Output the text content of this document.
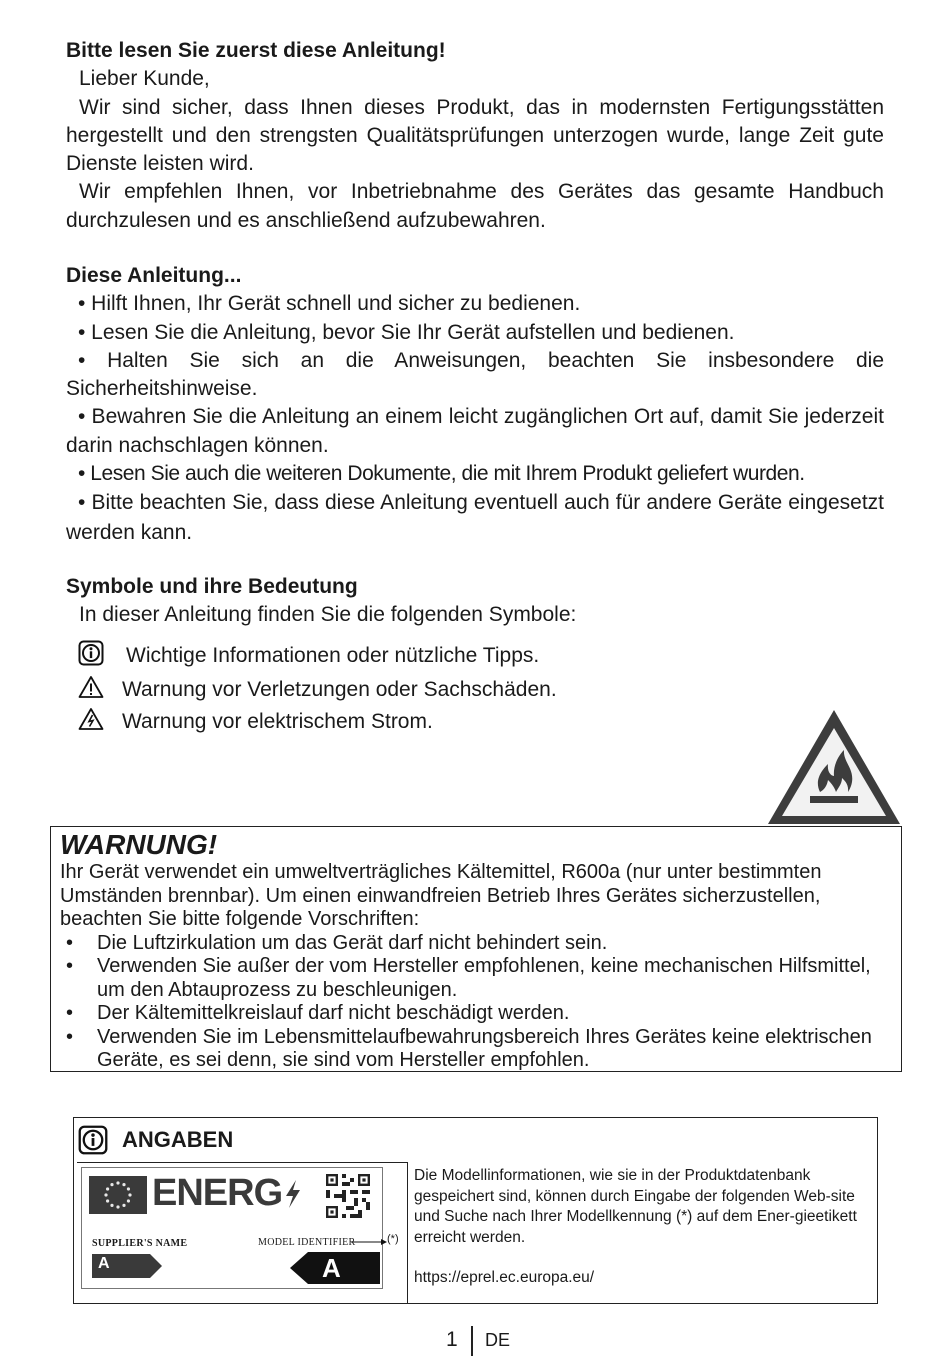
Bitte lesen Sie zuerst diese Anleitung!

Lieber Kunde,

Wir sind sicher, dass Ihnen dieses Produkt, das in modernsten Fertigungsstätten hergestellt und den strengsten Qualitätsprüfungen unterzogen wurde, lange Zeit gute Dienste leisten wird.

Wir empfehlen Ihnen, vor Inbetriebnahme des Gerätes das gesamte Handbuch durchzulesen und es anschließend aufzubewahren.

Diese Anleitung...

• Hilft Ihnen, Ihr Gerät schnell und sicher zu bedienen.

• Lesen Sie die Anleitung, bevor Sie Ihr Gerät aufstellen und bedienen.

• Halten Sie sich an die Anweisungen, beachten Sie insbesondere die Sicherheitshinweise.

• Bewahren Sie die Anleitung an einem leicht zugänglichen Ort auf, damit Sie jederzeit darin nachschlagen können.

• Lesen Sie auch die weiteren Dokumente, die mit Ihrem Produkt geliefert wurden.

• Bitte beachten Sie, dass diese Anleitung eventuell auch für andere Geräte eingesetzt werden kann.

Symbole und ihre Bedeutung

In dieser Anleitung finden Sie die folgenden Symbole:

Wichtige Informationen oder nützliche Tipps.
Warnung vor Verletzungen oder Sachschäden.
Warnung vor elektrischem Strom.
WARNUNG!
Ihr Gerät verwendet ein umweltverträgliches Kältemittel, R600a (nur unter bestimmten Umständen brennbar). Um einen einwandfreien Betrieb Ihres Gerätes sicherzustellen, beachten Sie bitte folgende Vorschriften:
• Die Luftzirkulation um das Gerät darf nicht behindert sein.
• Verwenden Sie außer der vom Hersteller empfohlenen, keine mechanischen Hilfsmittel, um den Abtauprozess zu beschleunigen.
• Der Kältemittelkreislauf darf nicht beschädigt werden.
• Verwenden Sie im Lebensmittelaufbewahrungsbereich Ihres Gerätes keine elektrischen Geräte, es sei denn, sie sind vom Hersteller empfohlen.
ANGABEN
ENERG
SUPPLIER'S NAME	MODEL IDENTIFIER
A	A
(*)
Die Modellinformationen, wie sie in der Produktdatenbank gespeichert sind, können durch Eingabe der folgenden Web-site und Suche nach Ihrer Modellkennung (*) auf dem Ener-gieetikett erreicht werden.
https://eprel.ec.europa.eu/
1 DE
